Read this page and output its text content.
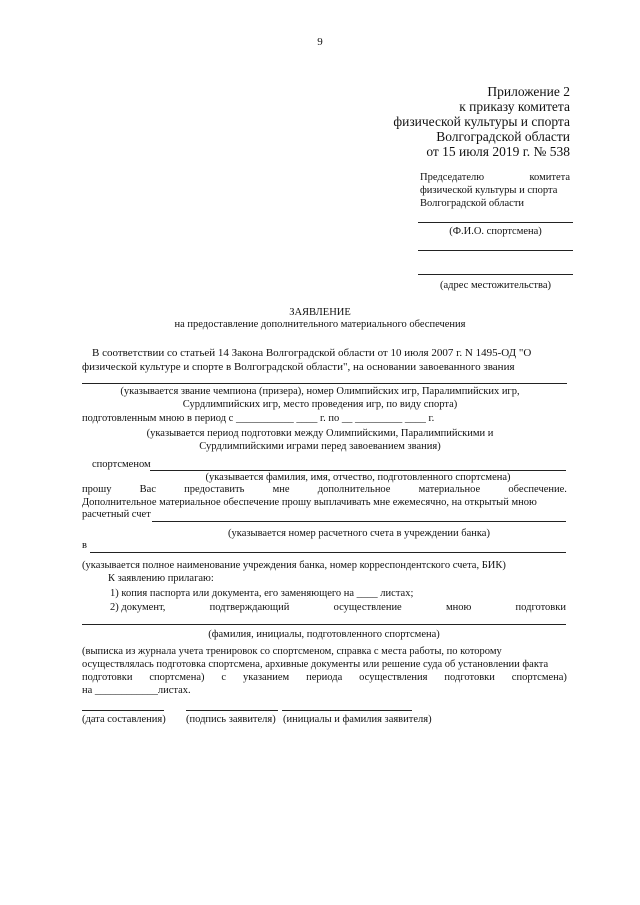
9
Приложение 2
к приказу комитета
физической культуры и спорта
Волгоградской области
от 15 июля 2019 г. № 538
Председателю	комитета
физической культуры и спорта
Волгоградской области
(Ф.И.О. спортсмена)
(адрес местожительства)
ЗАЯВЛЕНИЕ
на предоставление дополнительного материального обеспечения
В соответствии со статьей 14 Закона Волгоградской области от 10 июля 2007 г. N 1495-ОД "О
физической культуре и спорте в Волгоградской области", на основании завоеванного звания
(указывается звание чемпиона (призера), номер Олимпийских игр, Паралимпийских игр,
Сурдлимпийских игр, место проведения игр, по виду спорта)
подготовленным мною в период с ___________ ____ г. по __ _________ ____ г.
(указывается период подготовки между Олимпийскими, Паралимпийскими и
Сурдлимпийскими играми перед завоеванием звания)
спортсменом
(указывается фамилия, имя, отчество, подготовленного спортсмена)
прошу	Вас	предоставить	мне	дополнительное	материальное	обеспечение.
Дополнительное материальное обеспечение прошу выплачивать мне ежемесячно, на открытый мною
расчетный счет
(указывается номер расчетного счета в учреждении банка)
в
(указывается полное наименование учреждения банка, номер корреспондентского счета, БИК)
К заявлению прилагаю:
1) копия паспорта или документа, его заменяющего на ____ листах;
2) документ,	подтверждающий	осуществление	мною	подготовки
(фамилия, инициалы, подготовленного спортсмена)
(выписка из журнала учета тренировок со спортсменом, справка с места работы, по которому
осуществлялась подготовка спортсмена, архивные документы или решение суда об установлении факта
подготовки спортсмена) с указанием периода осуществления подготовки спортсмена)
на ____________листах.
(дата составления) (подпись заявителя) (инициалы и фамилия заявителя)
